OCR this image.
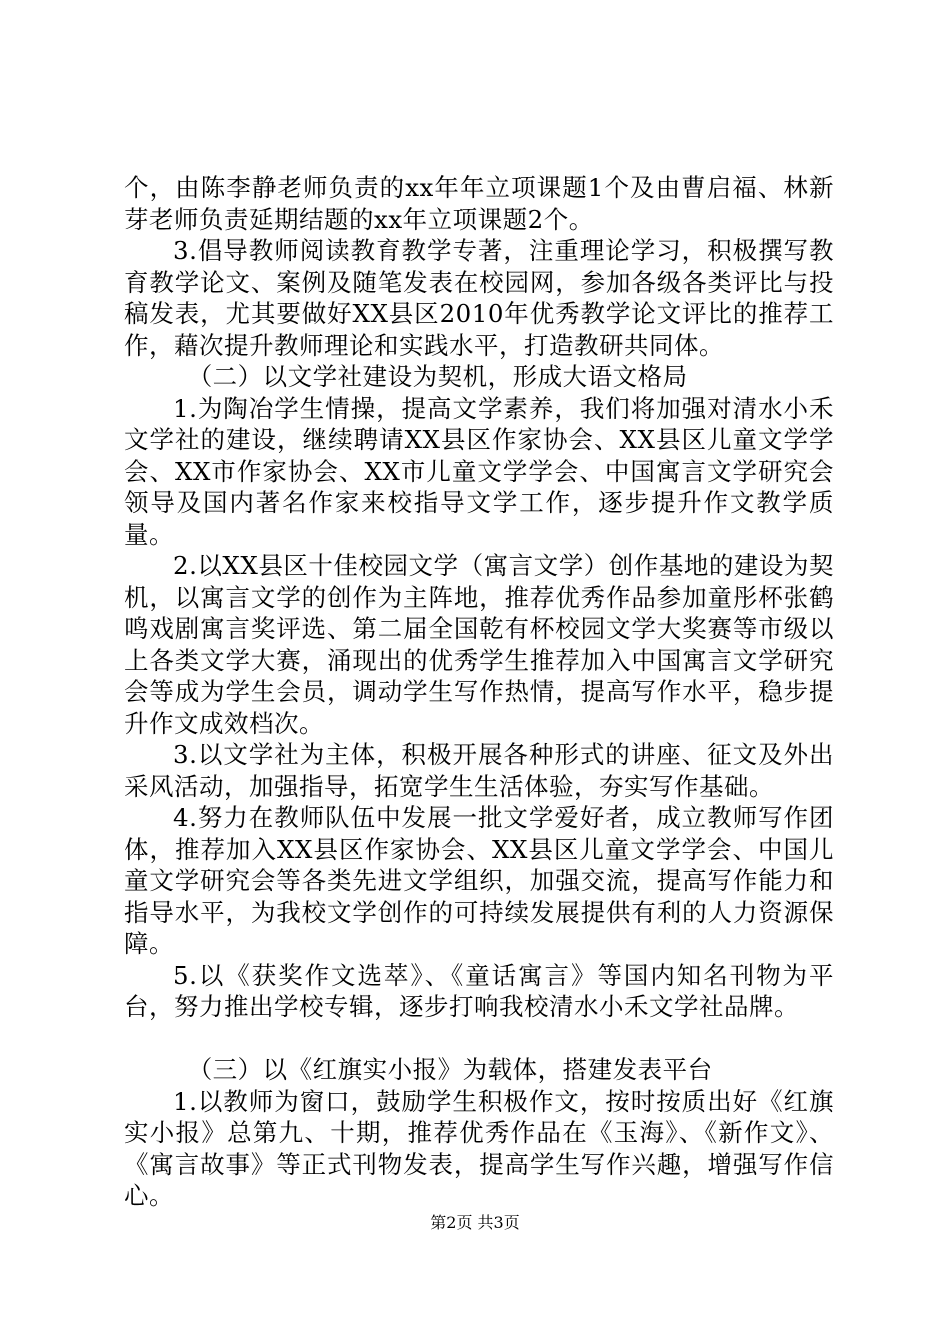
个，由陈李静老师负责的xx年年立项课题1个及由曹启福、林新芽老师负责延期结题的xx年立项课题2个。

3.倡导教师阅读教育教学专著，注重理论学习，积极撰写教育教学论文、案例及随笔发表在校园网，参加各级各类评比与投稿发表，尤其要做好XX县区2010年优秀教学论文评比的推荐工作，藉次提升教师理论和实践水平，打造教研共同体。

（二）以文学社建设为契机，形成大语文格局

1.为陶冶学生情操，提高文学素养，我们将加强对清水小禾文学社的建设，继续聘请XX县区作家协会、XX县区儿童文学学会、XX市作家协会、XX市儿童文学学会、中国寓言文学研究会领导及国内著名作家来校指导文学工作，逐步提升作文教学质量。

2.以XX县区十佳校园文学（寓言文学）创作基地的建设为契机，以寓言文学的创作为主阵地，推荐优秀作品参加童彤杯张鹤鸣戏剧寓言奖评选、第二届全国乾有杯校园文学大奖赛等市级以上各类文学大赛，涌现出的优秀学生推荐加入中国寓言文学研究会等成为学生会员，调动学生写作热情，提高写作水平，稳步提升作文成效档次。

3.以文学社为主体，积极开展各种形式的讲座、征文及外出采风活动，加强指导，拓宽学生生活体验，夯实写作基础。

4.努力在教师队伍中发展一批文学爱好者，成立教师写作团体，推荐加入XX县区作家协会、XX县区儿童文学学会、中国儿童文学研究会等各类先进文学组织，加强交流，提高写作能力和指导水平，为我校文学创作的可持续发展提供有利的人力资源保障。

5.以《获奖作文选萃》、《童话寓言》等国内知名刊物为平台，努力推出学校专辑，逐步打响我校清水小禾文学社品牌。

（三）以《红旗实小报》为载体，搭建发表平台

1.以教师为窗口，鼓励学生积极作文，按时按质出好《红旗实小报》总第九、十期，推荐优秀作品在《玉海》、《新作文》、《寓言故事》等正式刊物发表，提高学生写作兴趣，增强写作信心。

第2页 共3页
